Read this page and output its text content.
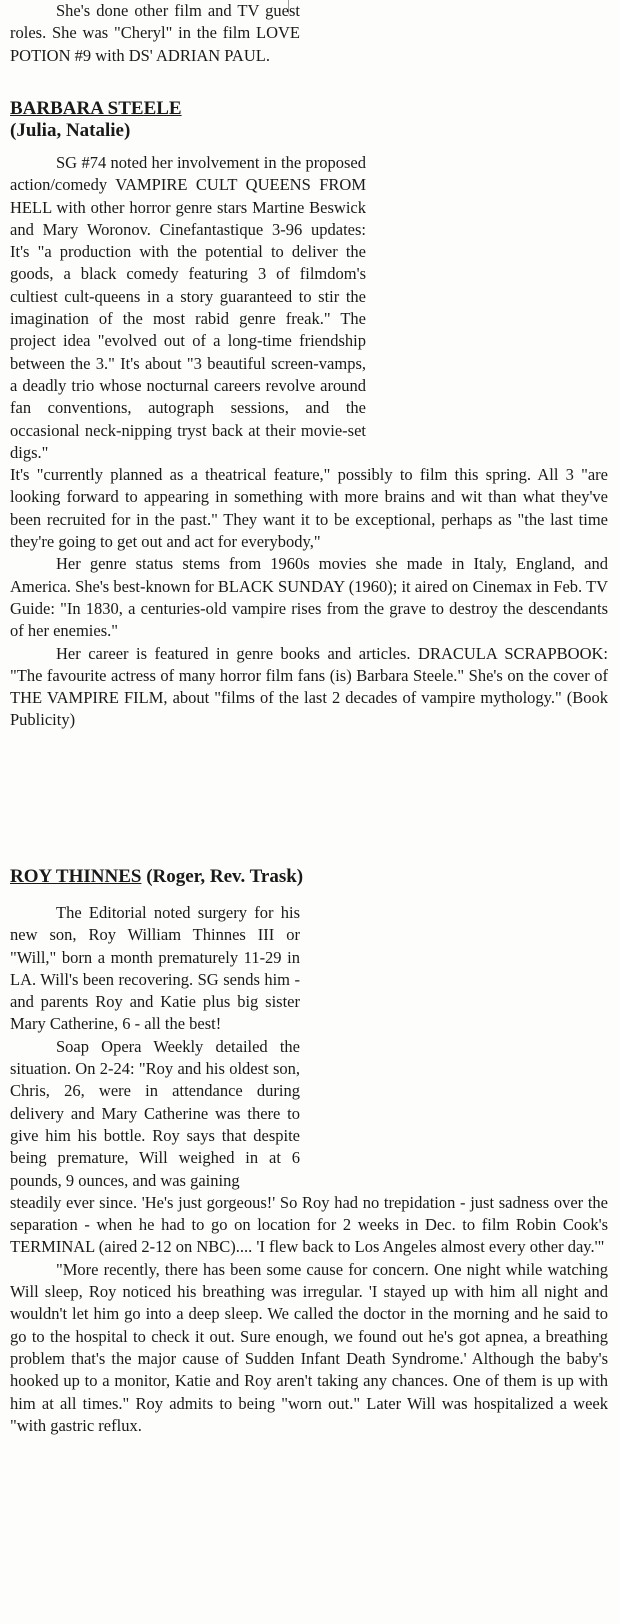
She's done other film and TV guest roles. She was "Cheryl" in the film LOVE POTION #9 with DS' ADRIAN PAUL.

BARBARA STEELE
(Julia, Natalie)

SG #74 noted her involvement in the proposed action/comedy VAMPIRE CULT QUEENS FROM HELL with other horror genre stars Martine Beswick and Mary Woronov. Cinefantastique 3-96 updates: It's "a production with the potential to deliver the goods, a black comedy featuring 3 of filmdom's cultiest cult-queens in a story guaranteed to stir the imagination of the most rabid genre freak." The project idea "evolved out of a long-time friendship between the 3." It's about "3 beautiful screen-vamps, a deadly trio whose nocturnal careers revolve around fan conventions, autograph sessions, and the occasional neck-nipping tryst back at their movie-set digs."

It's "currently planned as a theatrical feature," possibly to film this spring. All 3 "are looking forward to appearing in something with more brains and wit than what they've been recruited for in the past." They want it to be exceptional, perhaps as "the last time they're going to get out and act for everybody,"

Her genre status stems from 1960s movies she made in Italy, England, and America. She's best-known for BLACK SUNDAY (1960); it aired on Cinemax in Feb. TV Guide: "In 1830, a centuries-old vampire rises from the grave to destroy the descendants of her enemies."

Her career is featured in genre books and articles. DRACULA SCRAPBOOK: "The favourite actress of many horror film fans (is) Barbara Steele." She's on the cover of THE VAMPIRE FILM, about "films of the last 2 decades of vampire mythology." (Book Publicity)

ROY THINNES (Roger, Rev. Trask)

The Editorial noted surgery for his new son, Roy William Thinnes III or "Will," born a month prematurely 11-29 in LA. Will's been recovering. SG sends him - and parents Roy and Katie plus big sister Mary Catherine, 6 - all the best!

Soap Opera Weekly detailed the situation. On 2-24: "Roy and his oldest son, Chris, 26, were in attendance during delivery and Mary Catherine was there to give him his bottle. Roy says that despite being premature, Will weighed in at 6 pounds, 9 ounces, and was gaining

steadily ever since. 'He's just gorgeous!' So Roy had no trepidation - just sadness over the separation - when he had to go on location for 2 weeks in Dec. to film Robin Cook's TERMINAL (aired 2-12 on NBC).... 'I flew back to Los Angeles almost every other day.'"

"More recently, there has been some cause for concern. One night while watching Will sleep, Roy noticed his breathing was irregular. 'I stayed up with him all night and wouldn't let him go into a deep sleep. We called the doctor in the morning and he said to go to the hospital to check it out. Sure enough, we found out he's got apnea, a breathing problem that's the major cause of Sudden Infant Death Syndrome.' Although the baby's hooked up to a monitor, Katie and Roy aren't taking any chances. One of them is up with him at all times." Roy admits to being "worn out." Later Will was hospitalized a week "with gastric reflux.
